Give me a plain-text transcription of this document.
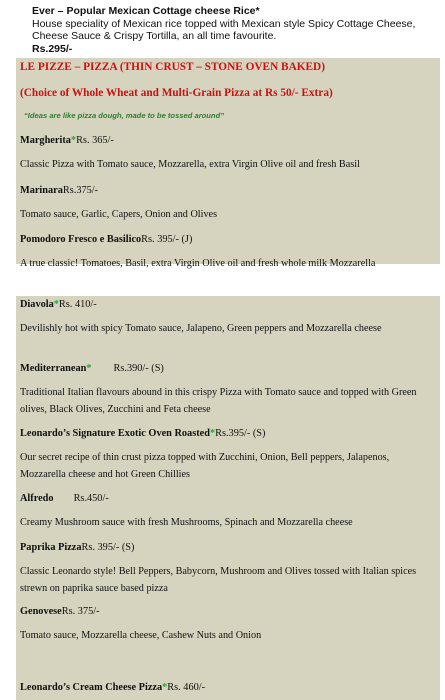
Ever – Popular Mexican Cottage cheese Rice*
House speciality of Mexican rice topped with Mexican style Spicy Cottage Cheese, Cheese Sauce & Crispy Tortilla, an all time favourite.
Rs.295/-
LE PIZZE – PIZZA (THIN CRUST – STONE OVEN BAKED)
(Choice of Whole Wheat and Multi-Grain Pizza at Rs 50/- Extra)
“Ideas are like pizza dough, made to be tossed around”
Margherita*Rs. 365/-
Classic Pizza with Tomato sauce, Mozzarella, extra Virgin Olive oil and fresh Basil
MarinaraRs.375/-
Tomato sauce, Garlic, Capers, Onion and Olives
Pomodoro Fresco e BasilicoRs. 395/- (J)
A true classic! Tomatoes, Basil, extra Virgin Olive oil and fresh whole milk Mozzarella
Diavola*Rs. 410/-
Devilishly hot with spicy Tomato sauce, Jalapeno, Green peppers and Mozzarella cheese
Mediterranean* Rs.390/- (S)
Traditional Italian flavours abound in this crispy Pizza with Tomato sauce and topped with Green olives, Black Olives, Zucchini and Feta cheese
Leonardo’s Signature Exotic Oven Roasted*Rs.395/- (S)
Our secret recipe of thin crust pizza topped with Zucchini, Onion, Bell peppers, Jalapenos, Mozzarella cheese and hot Green Chillies
Alfredo Rs.450/-
Creamy Mushroom sauce with fresh Mushrooms, Spinach and Mozzarella cheese
Paprika PizzaRs. 395/- (S)
Classic Leonardo style! Bell Peppers, Babycorn, Mushroom and Olives tossed with Italian spices strewn on paprika sauce based pizza
GenoveseRs. 375/-
Tomato sauce, Mozzarella cheese, Cashew Nuts and Onion
Leonardo’s Cream Cheese Pizza*Rs. 460/-
